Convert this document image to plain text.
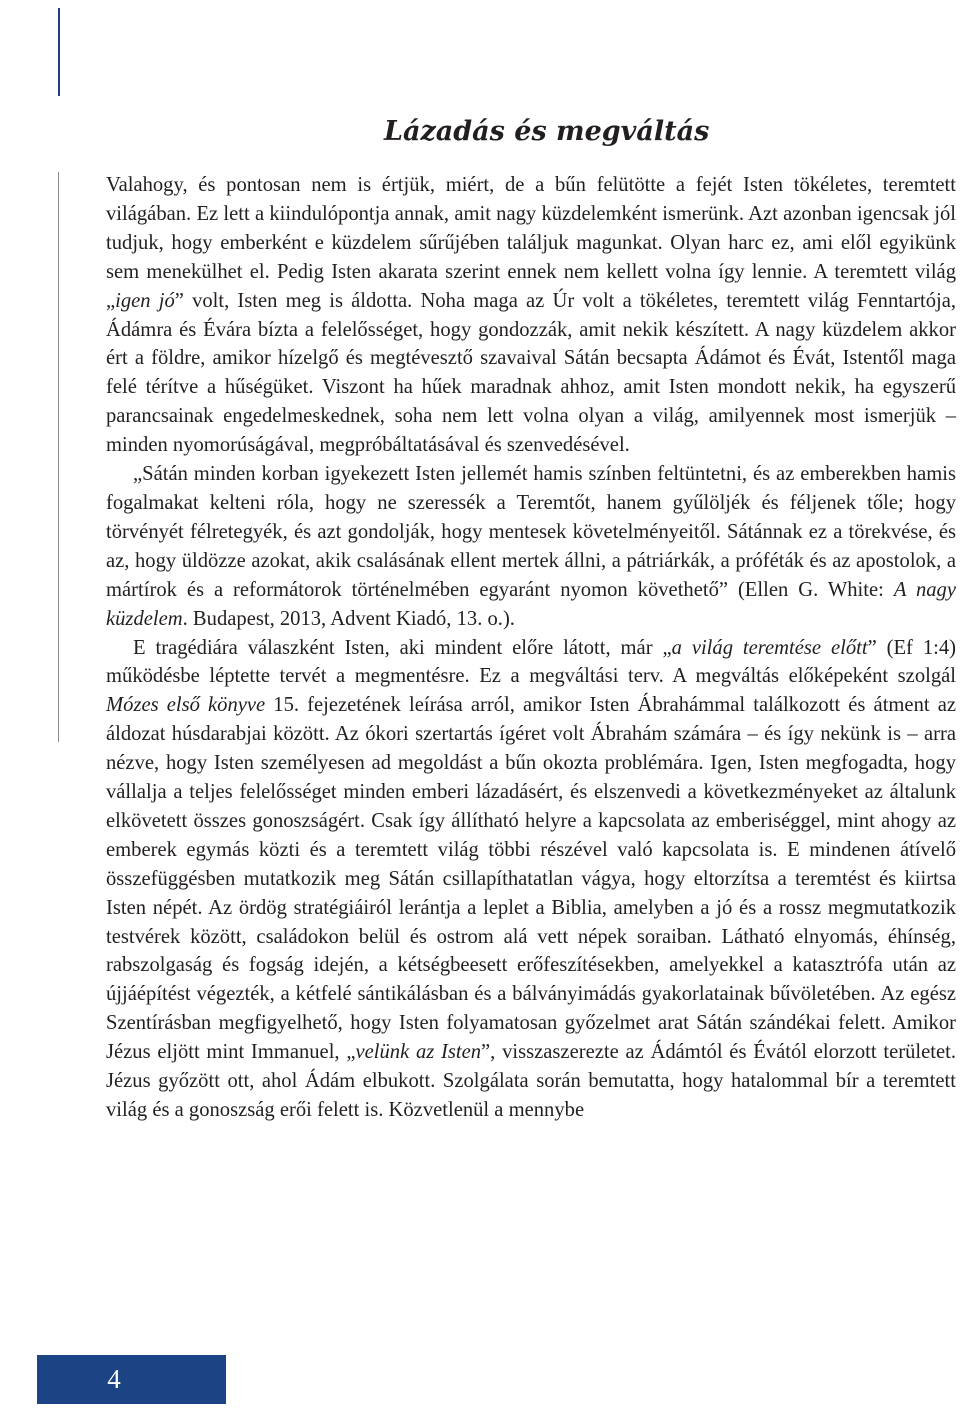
Lázadás és megváltás

Valahogy, és pontosan nem is értjük, miért, de a bűn felütötte a fejét Isten tökéletes, teremtett világában. Ez lett a kiindulópontja annak, amit nagy küzdelemként ismerünk. Azt azonban igencsak jól tudjuk, hogy emberként e küzdelem sűrűjében találjuk magunkat. Olyan harc ez, ami elől egyikünk sem menekülhet el. Pedig Isten akarata szerint ennek nem kellett volna így lennie. A teremtett világ „igen jó” volt, Isten meg is áldotta. Noha maga az Úr volt a tökéletes, teremtett világ Fenntartója, Ádámra és Évára bízta a felelősséget, hogy gondozzák, amit nekik készített. A nagy küzdelem akkor ért a földre, amikor hízelgő és megtévesztő szavaival Sátán becsapta Ádámot és Évát, Istentől maga felé térítve a hűségüket. Viszont ha hűek maradnak ahhoz, amit Isten mondott nekik, ha egyszerű parancsainak engedelmeskednek, soha nem lett volna olyan a világ, amilyennek most ismerjük – minden nyomorúságával, megpróbáltatásával és szenvedésével.

„Sátán minden korban igyekezett Isten jellemét hamis színben feltüntetni, és az emberekben hamis fogalmakat kelteni róla, hogy ne szeressék a Teremtőt, hanem gyűlöljék és féljenek tőle; hogy törvényét félretegyék, és azt gondolják, hogy mentesek követelményeitől. Sátánnak ez a törekvése, és az, hogy üldözze azokat, akik csalásának ellent mertek állni, a pátriárkák, a próféták és az apostolok, a mártírok és a reformátorok történelmében egyaránt nyomon követhető” (Ellen G. White: A nagy küzdelem. Budapest, 2013, Advent Kiadó, 13. o.).

E tragédiára válaszként Isten, aki mindent előre látott, már „a világ teremtése előtt” (Ef 1:4) működésbe léptette tervét a megmentésre. Ez a megváltási terv. A megváltás előképeként szolgál Mózes első könyve 15. fejezetének leírása arról, amikor Isten Ábrahámmal találkozott és átment az áldozat húsdarabjai között. Az ókori szertartás ígéret volt Ábrahám számára – és így nekünk is – arra nézve, hogy Isten személyesen ad megoldást a bűn okozta problémára. Igen, Isten megfogadta, hogy vállalja a teljes felelősséget minden emberi lázadásért, és elszenvedi a következményeket az általunk elkövetett összes gonoszságért. Csak így állítható helyre a kapcsolata az emberiséggel, mint ahogy az emberek egymás közti és a teremtett világ többi részével való kapcsolata is. E mindenen átívelő összefüggésben mutatkozik meg Sátán csillapíthatatlan vágya, hogy eltorzítsa a teremtést és kiirtsa Isten népét. Az ördög stratégiáiról lerántja a leplet a Biblia, amelyben a jó és a rossz megmutatkozik testvérek között, családokon belül és ostrom alá vett népek soraiban. Látható elnyomás, éhínség, rabszolgaság és fogság idején, a kétségbeesett erőfeszítésekben, amelyekkel a katasztrófa után az újjáépítést végezték, a kétfelé sántikálásban és a bálványimádás gyakorlatainak bűvöletében. Az egész Szentírásban megfigyelhető, hogy Isten folyamatosan győzelmet arat Sátán szándékai felett. Amikor Jézus eljött mint Immanuel, „velünk az Isten”, visszaszerezte az Ádámtól és Évától elorzott területet. Jézus győzött ott, ahol Ádám elbukott. Szolgálata során bemutatta, hogy hatalommal bír a teremtett világ és a gonoszság erői felett is. Közvetlenül a mennybe

4
